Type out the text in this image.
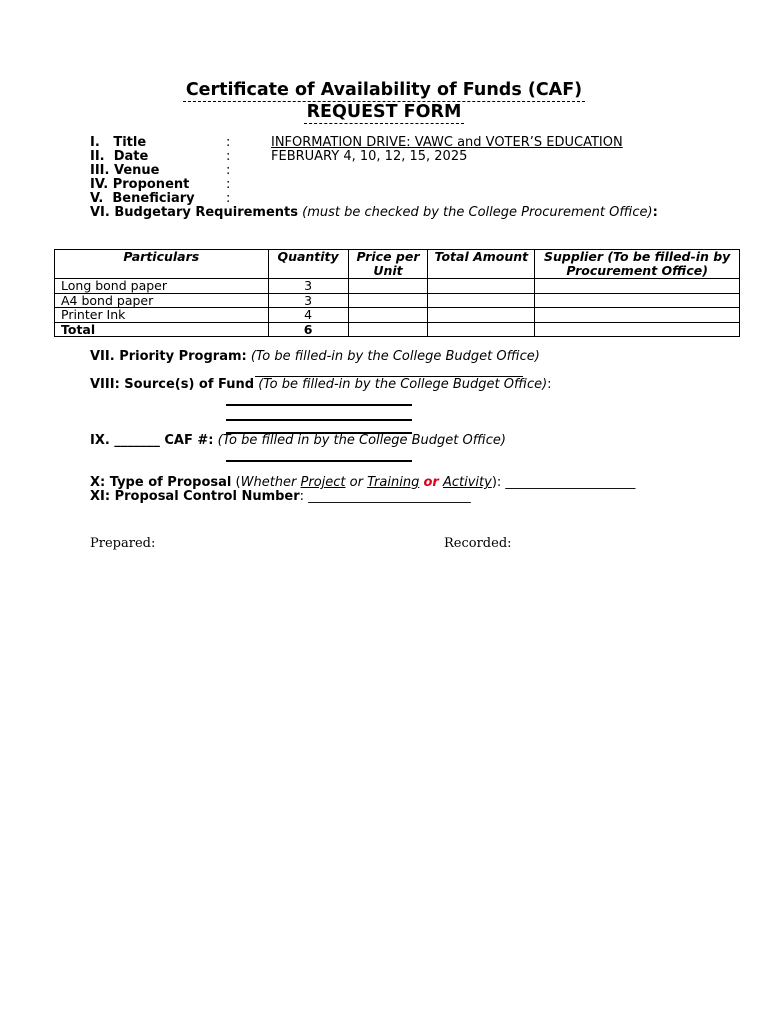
Certificate of Availability of Funds (CAF)
REQUEST FORM
I. Title	:	INFORMATION DRIVE: VAWC and VOTER’S EDUCATION
II. Date	:	FEBRUARY 4, 10, 12, 15, 2025
III. Venue	:
IV. Proponent	:
V. Beneficiary :
VI. Budgetary Requirements (must be checked by the College Procurement Office):
Particulars	Quantity	Price per Unit	Total Amount	Supplier (To be filled-in by Procurement Office)
Long bond paper	3			
A4 bond paper	3			
Printer Ink	4			
Total	6			
VII. Priority Program: (To be filled-in by the College Budget Office)
VIII: Source(s) of Fund (To be filled-in by the College Budget Office):
IX. _______ CAF #: (To be filled in by the College Budget Office)
X: Type of Proposal (Whether Project or Training or Activity): ____________________
XI: Proposal Control Number: _________________________
Prepared:	Recorded:
